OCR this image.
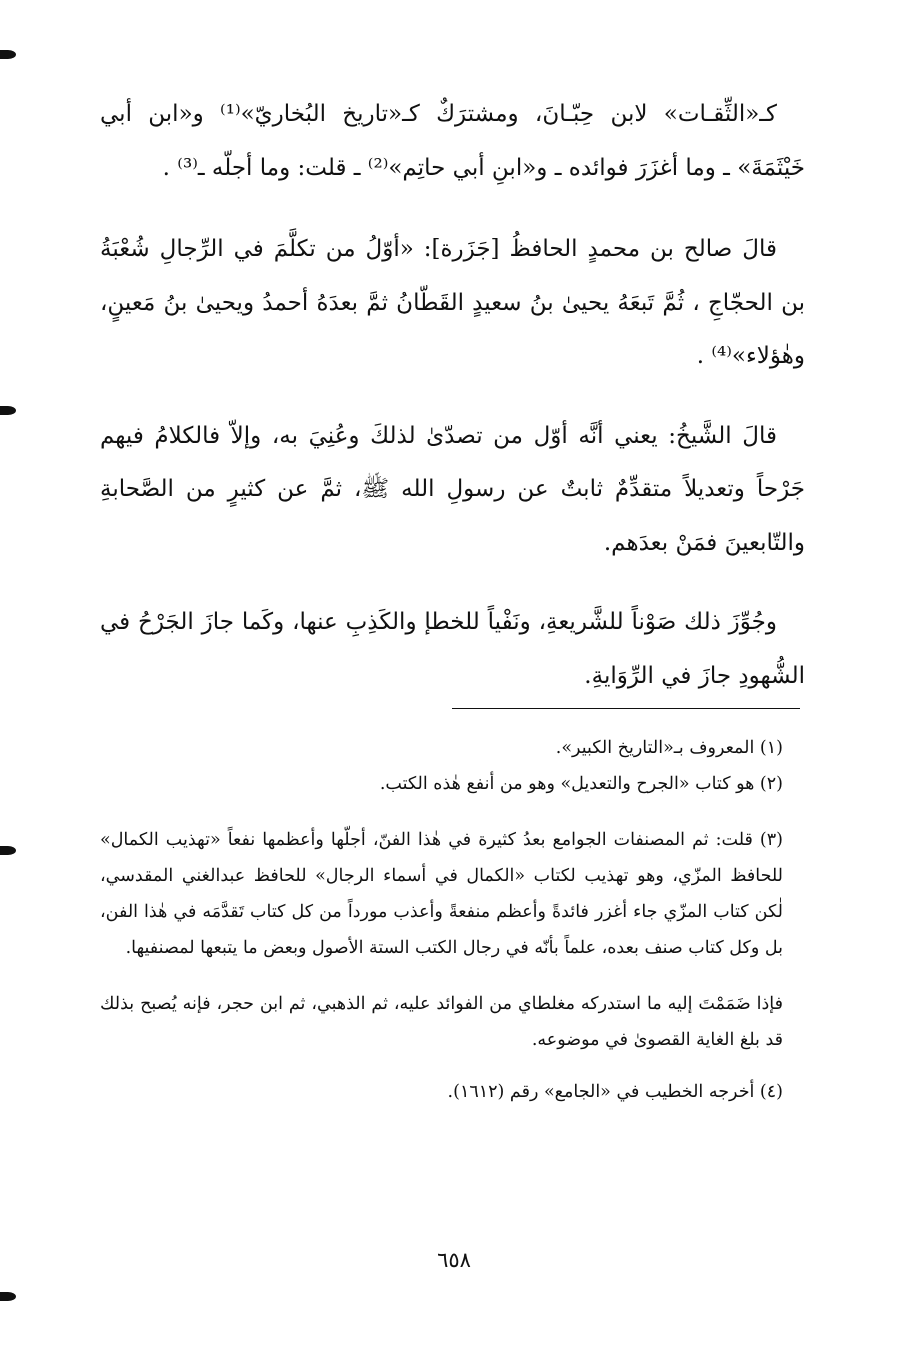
كـ«الثِّقـات» لابن حِبّـانَ، ومشترَكٌ كـ«تاريخ البُخاريّ»⁽¹⁾ و«ابن أبي خَيْثَمَةَ» ـ وما أغزَرَ فوائده ـ و«ابنِ أبي حاتِم»⁽²⁾ ـ قلت: وما أجلّه ـ⁽³⁾ .

قالَ صالح بن محمدٍ الحافظُ [جَزَرة]: «أوّلُ من تكلَّمَ في الرِّجالِ شُعْبَةُ بن الحجّاجِ ، ثُمَّ تَبعَهُ يحيىٰ بنُ سعيدٍ القَطّانُ ثمَّ بعدَهُ أحمدُ ويحيىٰ بنُ مَعينٍ، وهٰؤلاء»⁽⁴⁾ .

قالَ الشَّيخُ: يعني أنَّه أوّل من تصدّىٰ لذلكَ وعُنِيَ به، وإلاّ فالكلامُ فيهم جَرْحاً وتعديلاً متقدِّمٌ ثابتٌ عن رسولِ الله ﷺ، ثمَّ عن كثيرٍ من الصَّحابةِ والتّابعينَ فمَنْ بعدَهم.

وجُوِّزَ ذلك صَوْناً للشَّريعةِ، ونَفْياً للخطإ والكَذِبِ عنها، وكَما جازَ الجَرْحُ في الشُّهودِ جازَ في الرِّوَايةِ.

(١) المعروف بـ«التاريخ الكبير».

(٢) هو كتاب «الجرح والتعديل» وهو من أنفع هٰذه الكتب.

(٣) قلت: ثم المصنفات الجوامع بعدُ كثيرة في هٰذا الفنّ، أجلّها وأعظمها نفعاً «تهذيب الكمال» للحافظ المزّي، وهو تهذيب لكتاب «الكمال في أسماء الرجال» للحافظ عبدالغني المقدسي، لٰكن كتاب المزّي جاء أغزر فائدةً وأعظم منفعةً وأعذب مورداً من كل كتاب تَقدَّمَه في هٰذا الفن، بل وكل كتاب صنف بعده، علماً بأنّه في رجال الكتب الستة الأصول وبعض ما يتبعها لمصنفيها.

فإذا ضَمَمْتَ إليه ما استدركه مغلطاي من الفوائد عليه، ثم الذهبي، ثم ابن حجر، فإنه يُصبح بذلك قد بلغ الغاية القصوىٰ في موضوعه.

(٤) أخرجه الخطيب في «الجامع» رقم (١٦١٢).

٦٥٨
